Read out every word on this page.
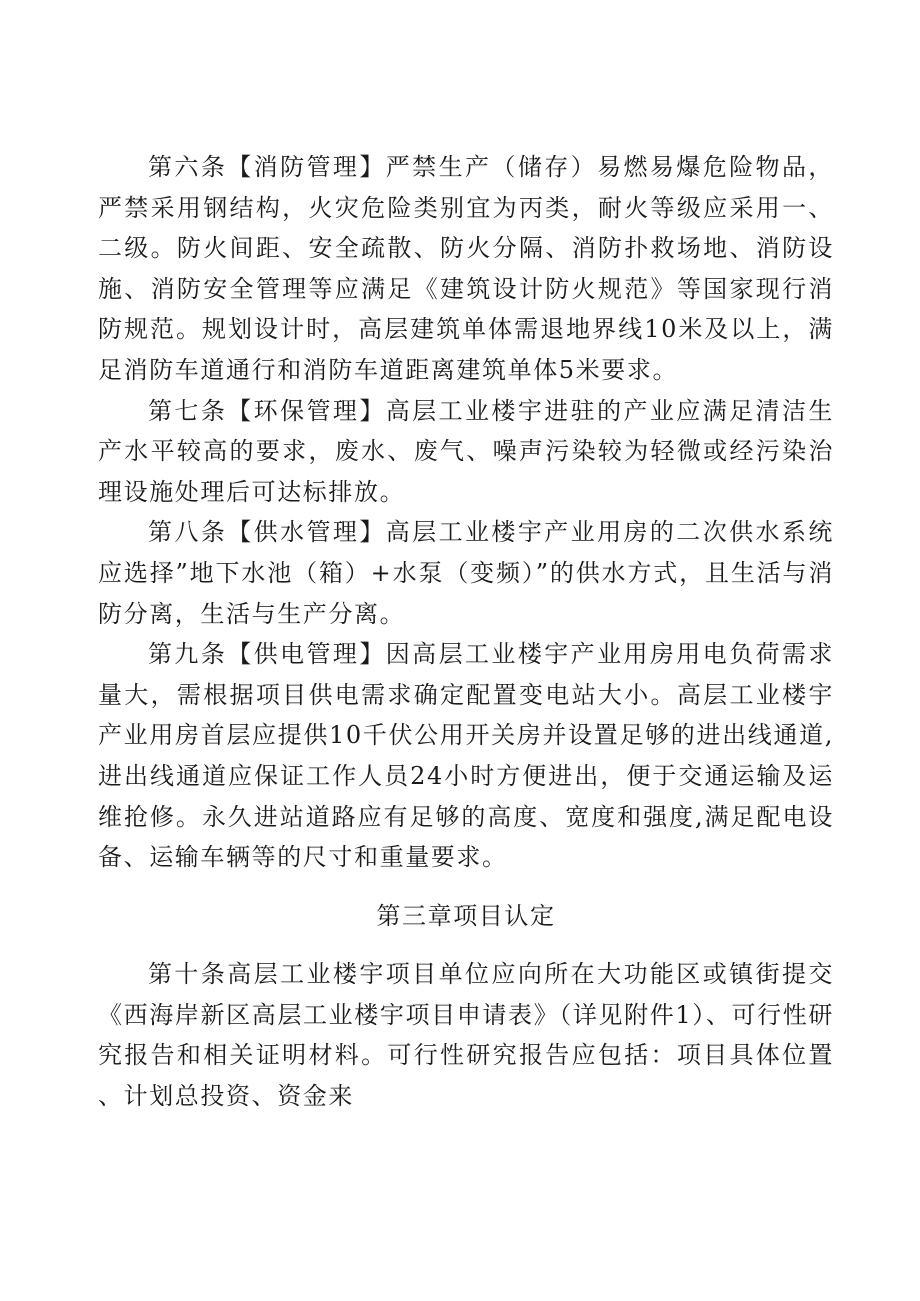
第六条【消防管理】严禁生产（储存）易燃易爆危险物品，严禁采用钢结构，火灾危险类别宜为丙类，耐火等级应采用一、二级。防火间距、安全疏散、防火分隔、消防扑救场地、消防设施、消防安全管理等应满足《建筑设计防火规范》等国家现行消防规范。规划设计时，高层建筑单体需退地界线10米及以上，满足消防车道通行和消防车道距离建筑单体5米要求。

第七条【环保管理】高层工业楼宇进驻的产业应满足清洁生产水平较高的要求，废水、废气、噪声污染较为轻微或经污染治理设施处理后可达标排放。

第八条【供水管理】高层工业楼宇产业用房的二次供水系统应选择”地下水池（箱）+水泵（变频）”的供水方式，且生活与消防分离，生活与生产分离。

第九条【供电管理】因高层工业楼宇产业用房用电负荷需求量大，需根据项目供电需求确定配置变电站大小。高层工业楼宇产业用房首层应提供10千伏公用开关房并设置足够的进出线通道,进出线通道应保证工作人员24小时方便进出，便于交通运输及运维抢修。永久进站道路应有足够的高度、宽度和强度,满足配电设备、运输车辆等的尺寸和重量要求。

第三章项目认定

第十条高层工业楼宇项目单位应向所在大功能区或镇街提交《西海岸新区高层工业楼宇项目申请表》（详见附件1）、可行性研究报告和相关证明材料。可行性研究报告应包括：项目具体位置、计划总投资、资金来
